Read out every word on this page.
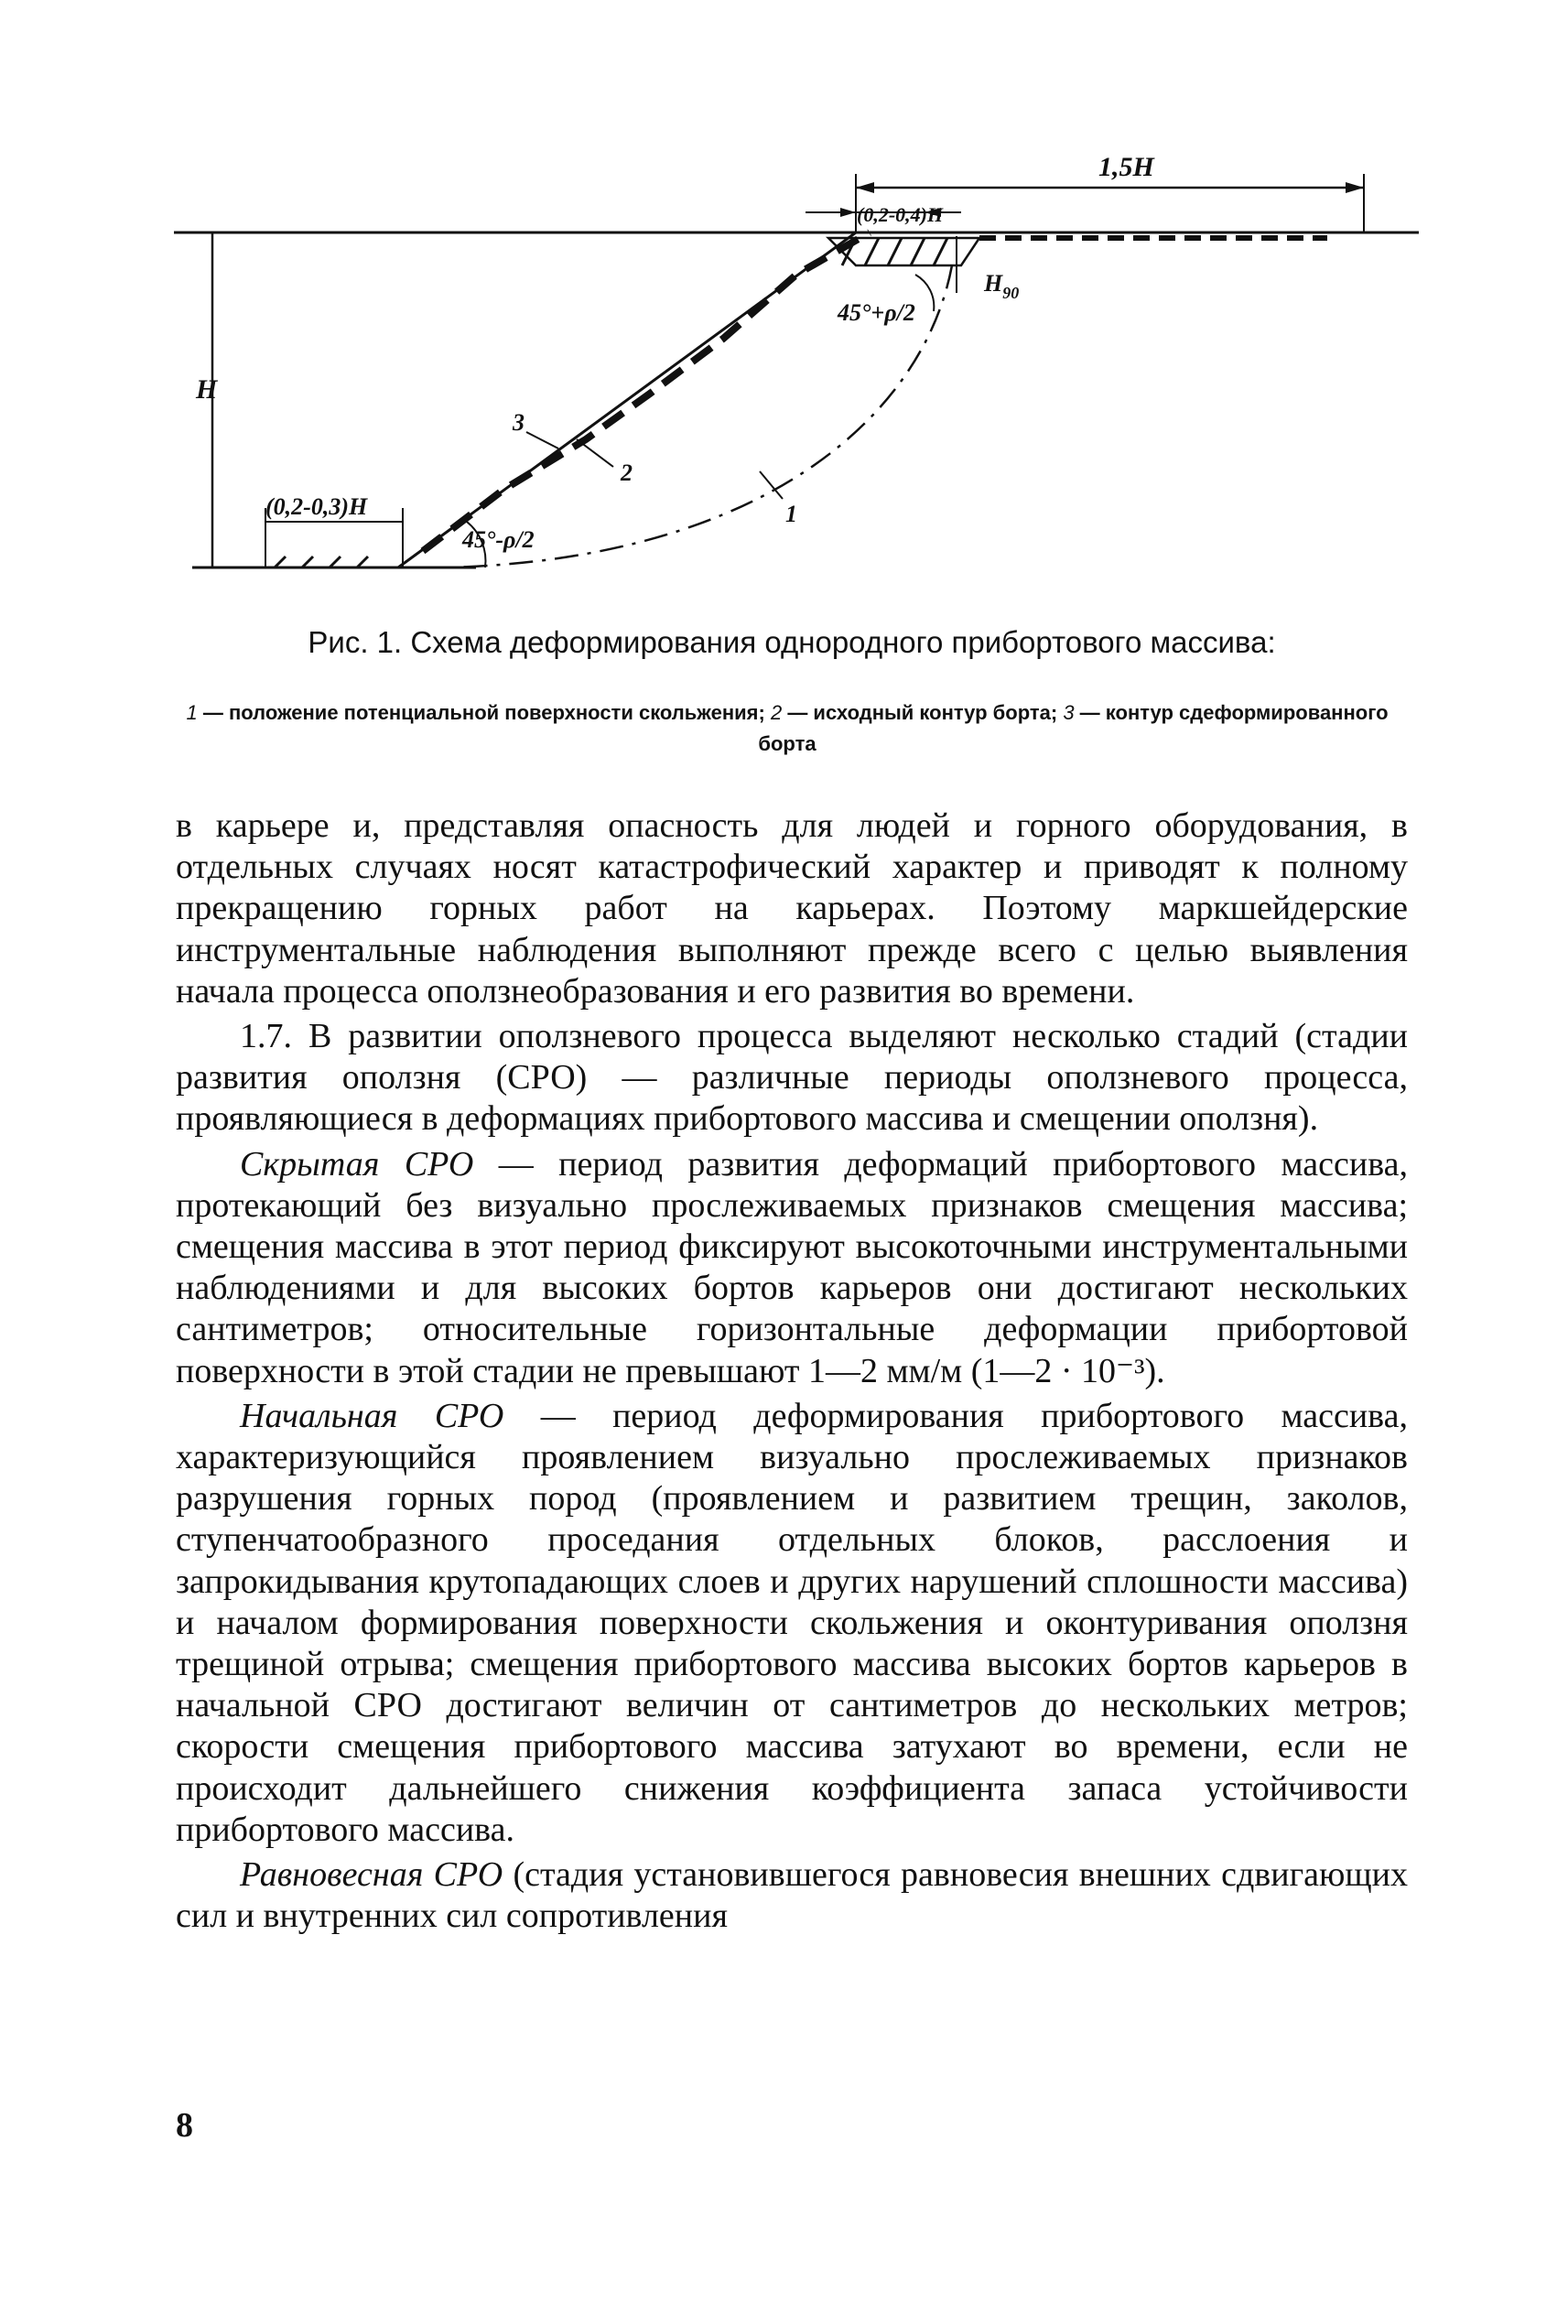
H
1,5H
(0,2-0,4)H
(0,2-0,3)H
45°+ρ/2
45°-ρ/2
$H_{90}$
3
2
1
Рис. 1. Схема деформирования однородного прибортового массива:
1 — положение потенциальной поверхности скольжения; 2 — исходный контур борта; 3 — контур сдеформированного борта

в карьере и, представляя опасность для людей и горного оборудования, в отдельных случаях носят катастрофический характер и приводят к полному прекращению горных работ на карьерах. Поэтому маркшейдерские инструментальные наблюдения выполняют прежде всего с целью выявления начала процесса оползнеобразования и его развития во времени.

1.7. В развитии оползневого процесса выделяют несколько стадий (стадии развития оползня (СРО) — различные периоды оползневого процесса, проявляющиеся в деформациях прибортового массива и смещении оползня).

Скрытая СРО — период развития деформаций прибортового массива, протекающий без визуально прослеживаемых признаков смещения массива; смещения массива в этот период фиксируют высокоточными инструментальными наблюдениями и для высоких бортов карьеров они достигают нескольких сантиметров; относительные горизонтальные деформации прибортовой поверхности в этой стадии не превышают 1—2 мм/м (1—2 · 10⁻³).

Начальная СРО — период деформирования прибортового массива, характеризующийся проявлением визуально прослеживаемых признаков разрушения горных пород (проявлением и развитием трещин, заколов, ступенчатообразного проседания отдельных блоков, расслоения и запрокидывания крутопадающих слоев и других нарушений сплошности массива) и началом формирования поверхности скольжения и оконтуривания оползня трещиной отрыва; смещения прибортового массива высоких бортов карьеров в начальной СРО достигают величин от сантиметров до нескольких метров; скорости смещения прибортового массива затухают во времени, если не происходит дальнейшего снижения коэффициента запаса устойчивости прибортового массива.

Равновесная СРО (стадия установившегося равновесия внешних сдвигающих сил и внутренних сил сопротивления

8
